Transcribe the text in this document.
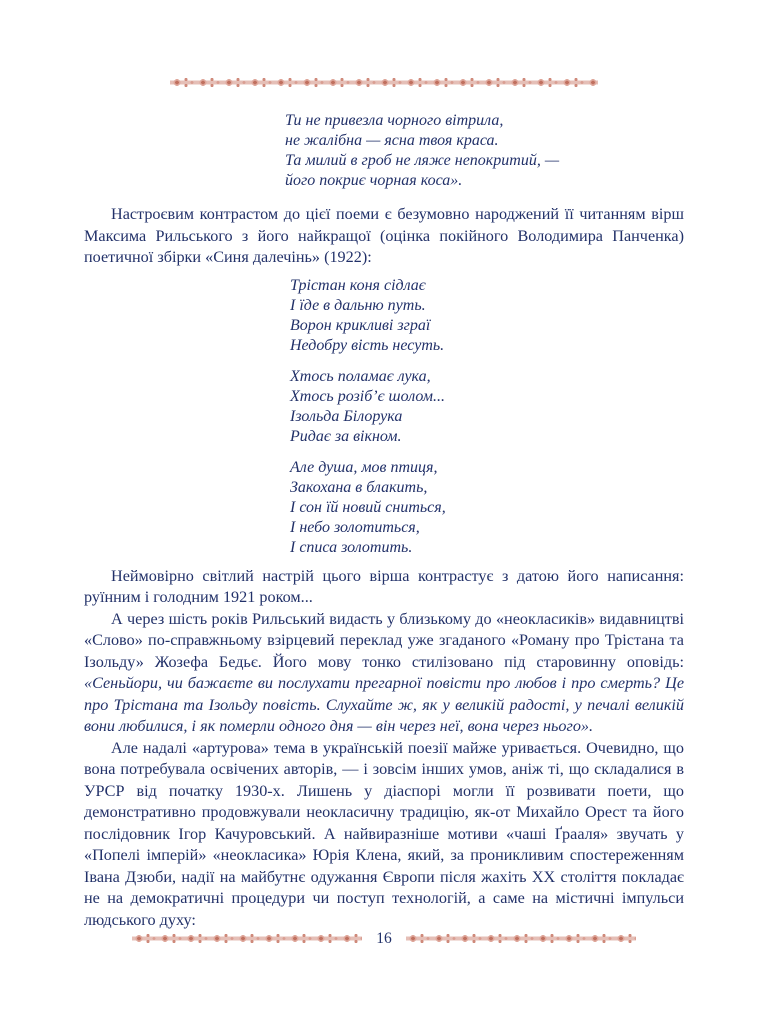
Ти не привезла чорного вітрила,
не жалібна — ясна твоя краса.
Та милий в гроб не ляже непокритий, —
його покриє чорная коса».

Настроєвим контрастом до цієї поеми є безумовно народжений її читанням вірш Максима Рильського з його найкращої (оцінка покійного Володимира Панченка) поетичної збірки «Синя далечінь» (1922):

Трістан коня сідлає
І їде в дальню путь.
Ворон крикливі зграї
Недобру вість несуть.
Хтось поламає лука,
Хтось розіб’є шолом...
Ізольда Білорука
Ридає за вікном.
Але душа, мов птиця,
Закохана в блакить,
І сон їй новий сниться,
І небо золотиться,
І списа золотить.

Неймовірно світлий настрій цього вірша контрастує з датою його написання: руїнним і голодним 1921 роком...

А через шість років Рильський видасть у близькому до «неокласиків» видавництві «Слово» по-справжньому взірцевий переклад уже згаданого «Роману про Трістана та Ізольду» Жозефа Бедьє. Його мову тонко стилізовано під старовинну оповідь: «Сеньйори, чи бажаєте ви послухати прегарної повісти про любов і про смерть? Це про Трістана та Ізольду повість. Слухайте ж, як у великій радості, у печалі великій вони любилися, і як померли одного дня — він через неї, вона через нього».

Але надалі «артурова» тема в українській поезії майже уривається. Очевидно, що вона потребувала освічених авторів, — і зовсім інших умов, аніж ті, що складалися в УРСР від початку 1930-х. Лишень у діаспорі могли її розвивати поети, що демонстративно продовжували неокласичну традицію, як-от Михайло Орест та його послідовник Ігор Качуровський. А найвиразніше мотиви «чаші Ґрааля» звучать у «Попелі імперій» «неокласика» Юрія Клена, який, за проникливим спостереженням Івана Дзюби, надії на майбутнє одужання Європи після жахіть ХХ століття покладає не на демократичні процедури чи поступ технологій, а саме на містичні імпульси людського духу:

16
